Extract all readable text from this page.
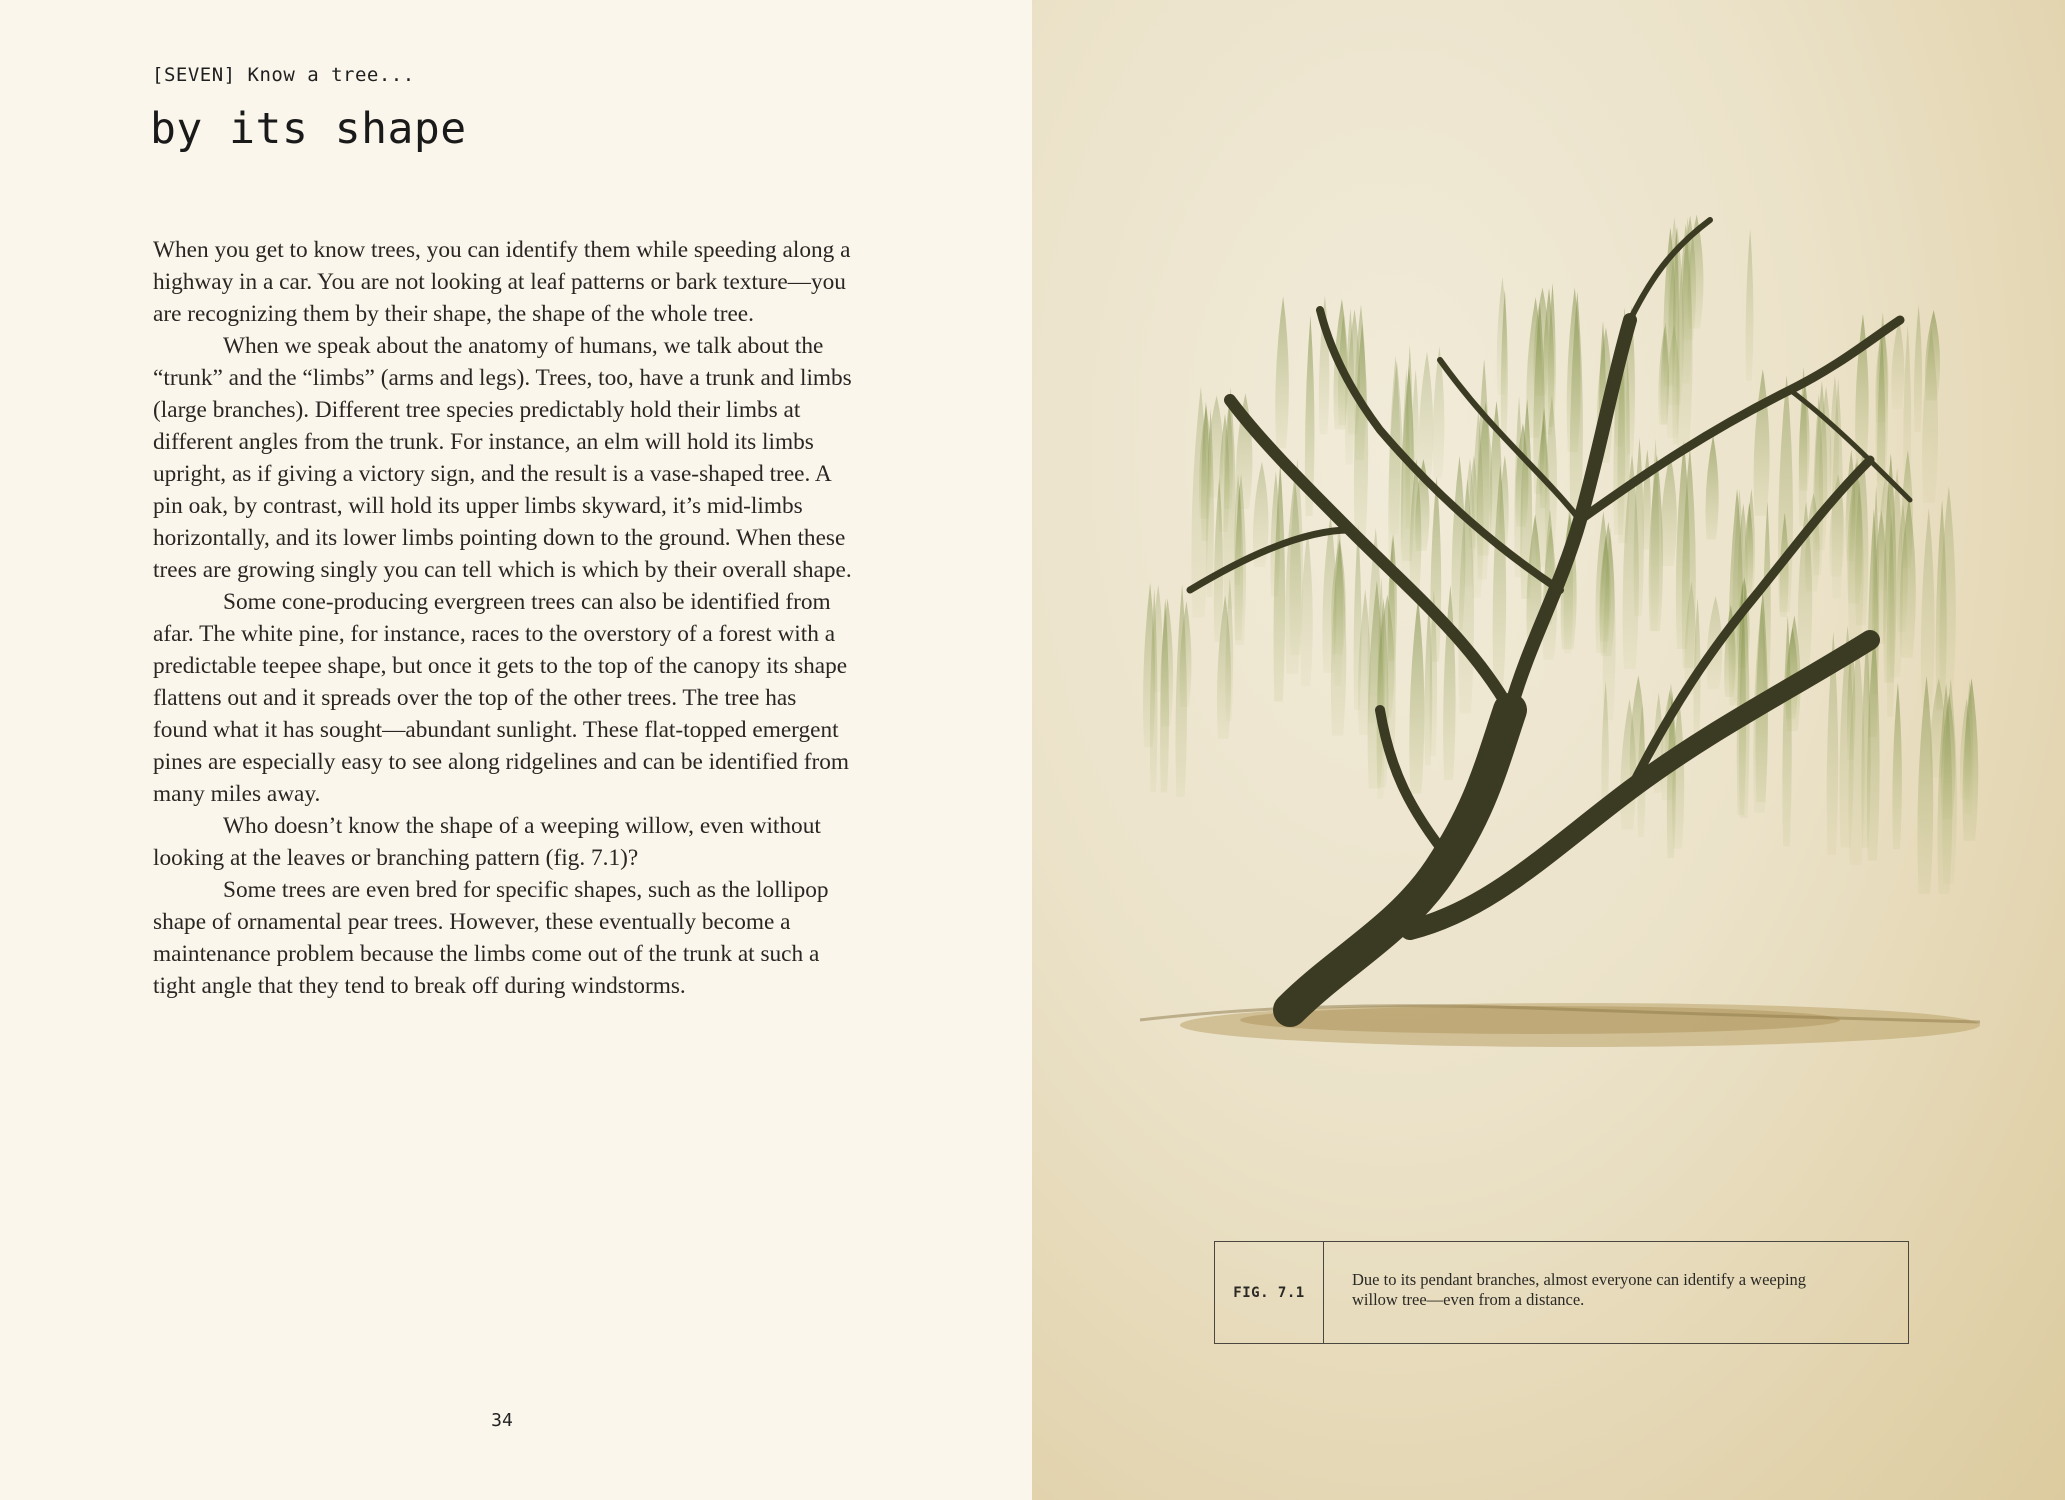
[SEVEN] Know a tree...
by its shape

When you get to know trees, you can identify them while speeding along a highway in a car. You are not looking at leaf patterns or bark texture—you are recognizing them by their shape, the shape of the whole tree.

When we speak about the anatomy of humans, we talk about the “trunk” and the “limbs” (arms and legs). Trees, too, have a trunk and limbs (large branches). Different tree species predictably hold their limbs at different angles from the trunk. For instance, an elm will hold its limbs upright, as if giving a victory sign, and the result is a vase-shaped tree. A pin oak, by contrast, will hold its upper limbs skyward, it’s mid-limbs horizontally, and its lower limbs pointing down to the ground. When these trees are growing singly you can tell which is which by their overall shape.

Some cone-producing evergreen trees can also be identified from afar. The white pine, for instance, races to the overstory of a forest with a predictable teepee shape, but once it gets to the top of the canopy its shape flattens out and it spreads over the top of the other trees. The tree has found what it has sought—abundant sunlight. These flat-topped emergent pines are especially easy to see along ridgelines and can be identified from many miles away.

Who doesn’t know the shape of a weeping willow, even without looking at the leaves or branching pattern (fig. 7.1)?

Some trees are even bred for specific shapes, such as the lollipop shape of ornamental pear trees. However, these eventually become a maintenance problem because the limbs come out of the trunk at such a tight angle that they tend to break off during windstorms.

34
FIG. 7.1
Due to its pendant branches, almost everyone can identify a weeping willow tree—even from a distance.
